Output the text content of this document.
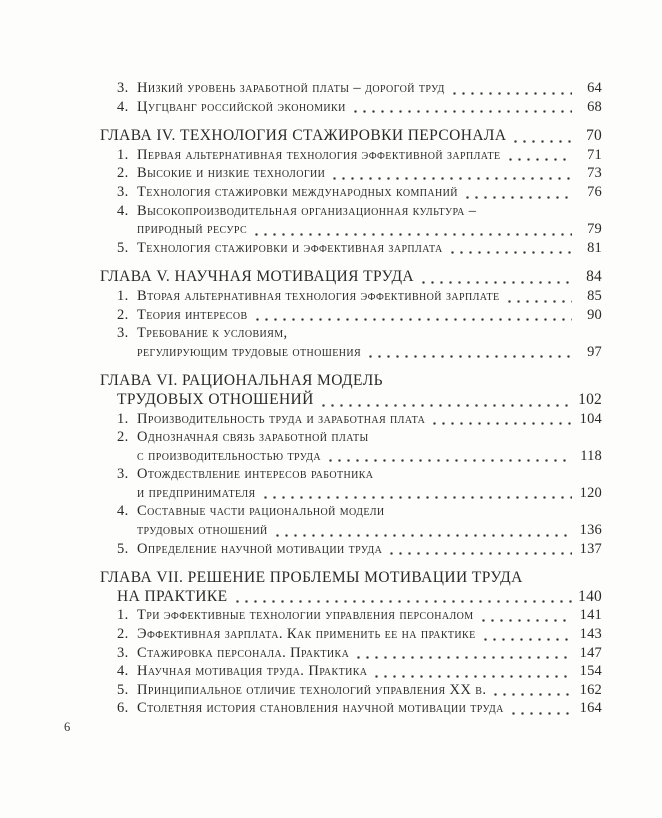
3. Низкий уровень заработной платы – дорогой труд	64
4. Цугцванг российской экономики	68
ГЛАВА IV. ТЕХНОЛОГИЯ СТАЖИРОВКИ ПЕРСОНАЛА	70
1. Первая альтернативная технология эффективной зарплате	71
2. Высокие и низкие технологии	73
3. Технология стажировки международных компаний	76
4. Высокопроизводительная организационная культура –
природный ресурс	79
5. Технология стажировки и эффективная зарплата	81
ГЛАВА V. НАУЧНАЯ МОТИВАЦИЯ ТРУДА	84
1. Вторая альтернативная технология эффективной зарплате	85
2. Теория интересов	90
3. Требование к условиям,
регулирующим трудовые отношения	97
ГЛАВА VI. РАЦИОНАЛЬНАЯ МОДЕЛЬ
ТРУДОВЫХ ОТНОШЕНИЙ	102
1. Производительность труда и заработная плата	104
2. Однозначная связь заработной платы
с производительностью труда	118
3. Отождествление интересов работника
и предпринимателя	120
4. Составные части рациональной модели
трудовых отношений	136
5. Определение научной мотивации труда	137
ГЛАВА VII. РЕШЕНИЕ ПРОБЛЕМЫ МОТИВАЦИИ ТРУДА
НА ПРАКТИКЕ	140
1. Три эффективные технологии управления персоналом	141
2. Эффективная зарплата. Как применить ее на практике	143
3. Стажировка персонала. Практика	147
4. Научная мотивация труда. Практика	154
5. Принципиальное отличие технологий управления XX в.	162
6. Столетняя история становления научной мотивации труда	164
6
